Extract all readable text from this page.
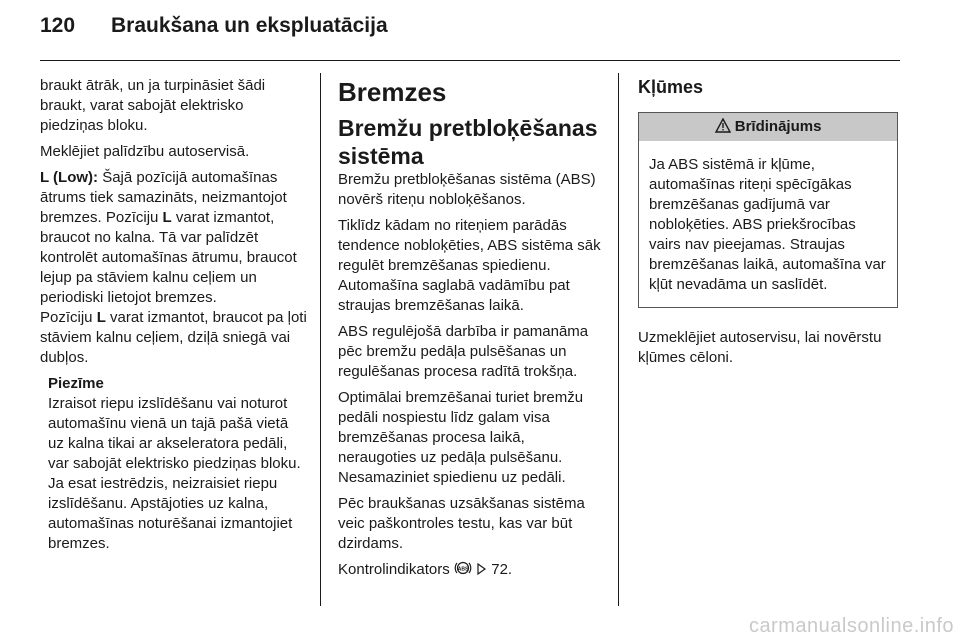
120 Braukšana un ekspluatācija

braukt ātrāk, un ja turpināsiet šādi braukt, varat sabojāt elektrisko piedziņas bloku.

Meklējiet palīdzību autoservisā.

L (Low): Šajā pozīcijā automašīnas ātrums tiek samazināts, neizmantojot bremzes. Pozīciju L varat izmantot, braucot no kalna. Tā var palīdzēt kontrolēt automašīnas ātrumu, braucot lejup pa stāviem kalnu ceļiem un periodiski lietojot bremzes.

Pozīciju L varat izmantot, braucot pa ļoti stāviem kalnu ceļiem, dziļā sniegā vai dubļos.

Piezīme
Izraisot riepu izslīdēšanu vai noturot automašīnu vienā un tajā pašā vietā uz kalna tikai ar akseleratora pedāli, var sabojāt elektrisko piedziņas bloku. Ja esat iestrēdzis, neizraisiet riepu izslīdēšanu. Apstājoties uz kalna, automašīnas noturēšanai izmantojiet bremzes.
Bremzes
Bremžu pretbloķēšanas sistēma

Bremžu pretbloķēšanas sistēma (ABS) novērš riteņu nobloķēšanos.

Tiklīdz kādam no riteņiem parādās tendence nobloķēties, ABS sistēma sāk regulēt bremzēšanas spiedienu. Automašīna saglabā vadāmību pat straujas bremzēšanas laikā.

ABS regulējošā darbība ir pamanāma pēc bremžu pedāļa pulsēšanas un regulēšanas procesa radītā trokšņa.

Optimālai bremzēšanai turiet bremžu pedāli nospiestu līdz galam visa bremzēšanas procesa laikā, neraugoties uz pedāļa pulsēšanu. Nesamaziniet spiedienu uz pedāli.

Pēc braukšanas uzsākšanas sistēma veic paškontroles testu, kas var būt dzirdams.

Kontrolindikators ABS 72.

Kļūmes
Brīdinājums
Ja ABS sistēmā ir kļūme, automašīnas riteņi spēcīgākas bremzēšanas gadījumā var nobloķēties. ABS priekšrocības vairs nav pieejamas. Straujas bremzēšanas laikā, automašīna var kļūt nevadāma un saslīdēt.

Uzmeklējiet autoservisu, lai novērstu kļūmes cēloni.

carmanualsonline.info
